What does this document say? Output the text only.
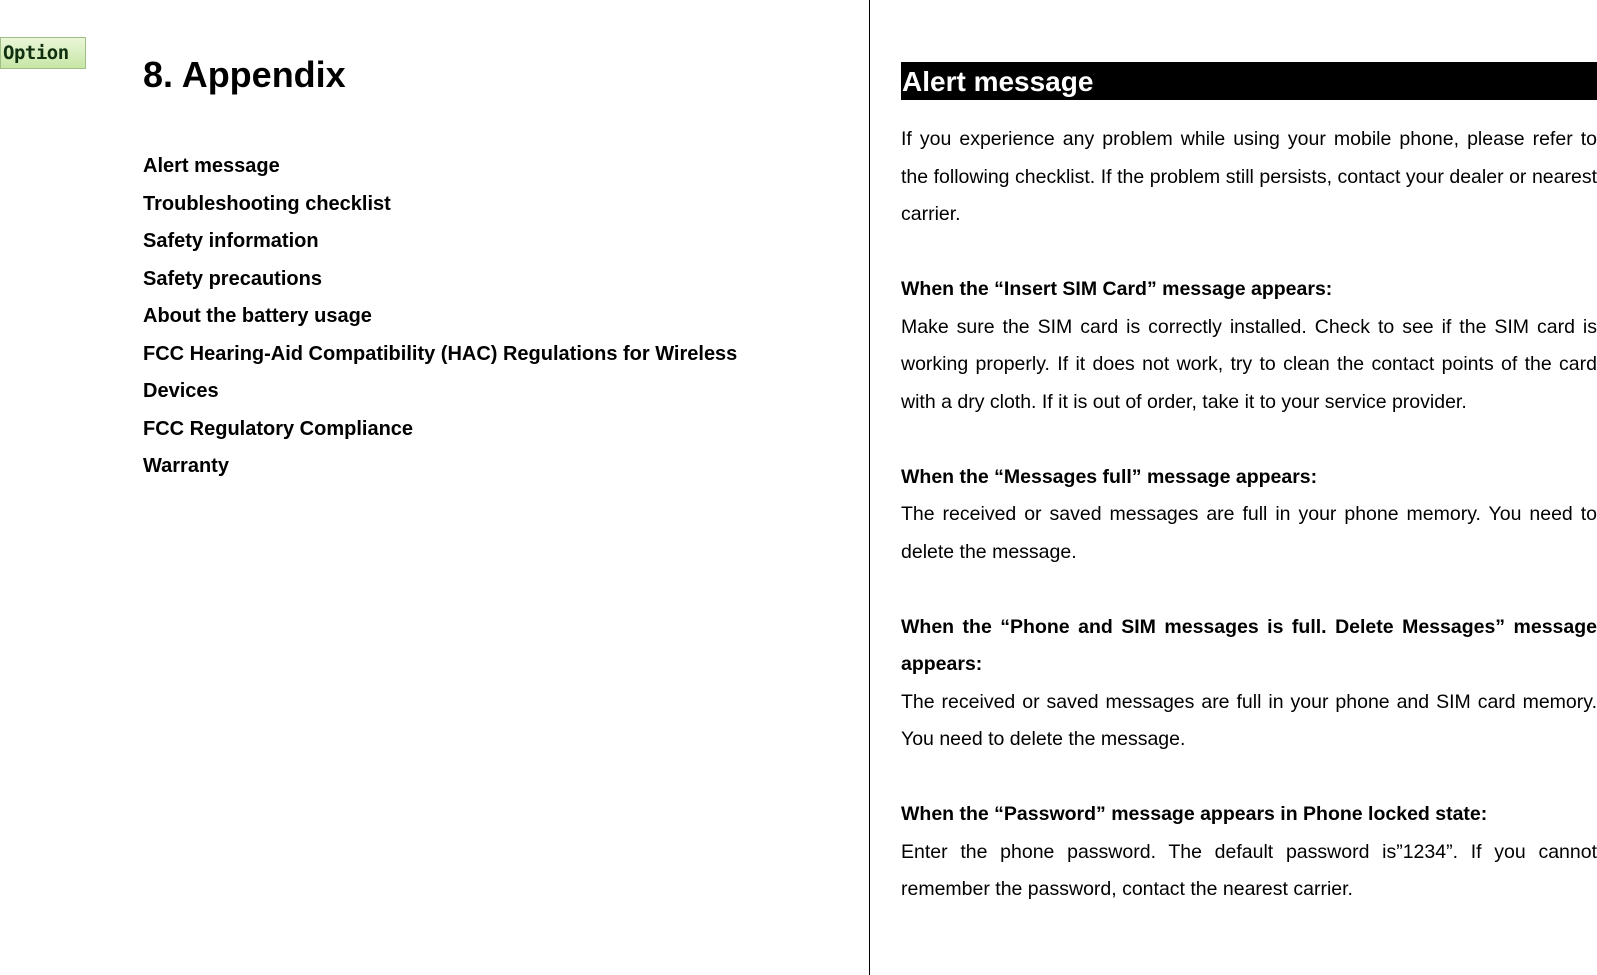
Option
8. Appendix
Alert message
Troubleshooting checklist
Safety information
Safety precautions
About the battery usage
FCC Hearing-Aid Compatibility (HAC) Regulations for Wireless Devices
FCC Regulatory Compliance
Warranty
Alert message

If you experience any problem while using your mobile phone, please refer to the following checklist. If the problem still persists, contact your dealer or nearest carrier.

When the “Insert SIM Card” message appears:

Make sure the SIM card is correctly installed. Check to see if the SIM card is working properly. If it does not work, try to clean the contact points of the card with a dry cloth. If it is out of order, take it to your service provider.

When the “Messages full” message appears:

The received or saved messages are full in your phone memory. You need to delete the message.

When the “Phone and SIM messages is full. Delete Messages” message appears:

The received or saved messages are full in your phone and SIM card memory. You need to delete the message.

When the “Password” message appears in Phone locked state:

Enter the phone password. The default password is”1234”. If you cannot remember the password, contact the nearest carrier.
